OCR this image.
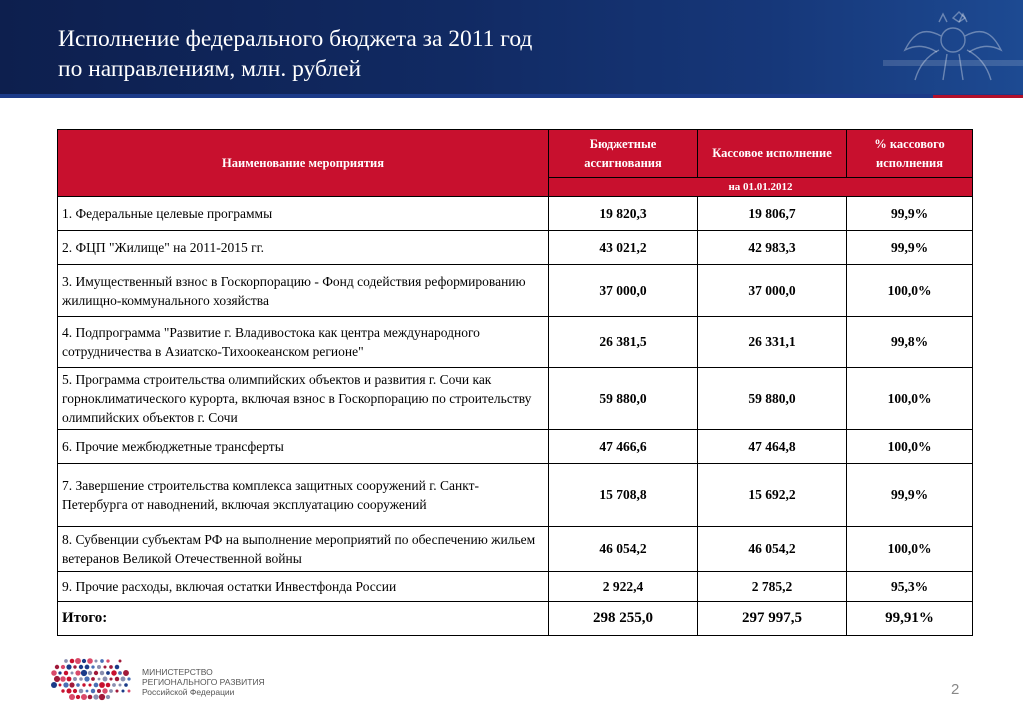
Исполнение федерального бюджета за 2011 год
по направлениям, млн. рублей
Наименование мероприятия	Бюджетные ассигнования	Кассовое исполнение	% кассового исполнения
	на 01.01.2012		
1. Федеральные целевые программы	19 820,3	19 806,7	99,9%
2. ФЦП "Жилище" на 2011-2015 гг.	43 021,2	42 983,3	99,9%
3. Имущественный взнос в Госкорпорацию - Фонд содействия реформированию жилищно-коммунального хозяйства	37 000,0	37 000,0	100,0%
4. Подпрограмма "Развитие г. Владивостока как центра международного сотрудничества в Азиатско-Тихоокеанском регионе"	26 381,5	26 331,1	99,8%
5. Программа строительства олимпийских объектов и развития г. Сочи как горноклиматического курорта, включая взнос в Госкорпорацию по строительству олимпийских объектов г. Сочи	59 880,0	59 880,0	100,0%
6. Прочие межбюджетные трансферты	47 466,6	47 464,8	100,0%
7. Завершение строительства комплекса защитных сооружений г. Санкт-Петербурга от наводнений, включая эксплуатацию сооружений	15 708,8	15 692,2	99,9%
8. Субвенции субъектам РФ на выполнение мероприятий по обеспечению жильем ветеранов Великой Отечественной войны	46 054,2	46 054,2	100,0%
9. Прочие расходы, включая остатки Инвестфонда России	2 922,4	2 785,2	95,3%
Итого:	298 255,0	297 997,5	99,91%
МИНИСТЕРСТВО
РЕГИОНАЛЬНОГО РАЗВИТИЯ
Российской Федерации	2
